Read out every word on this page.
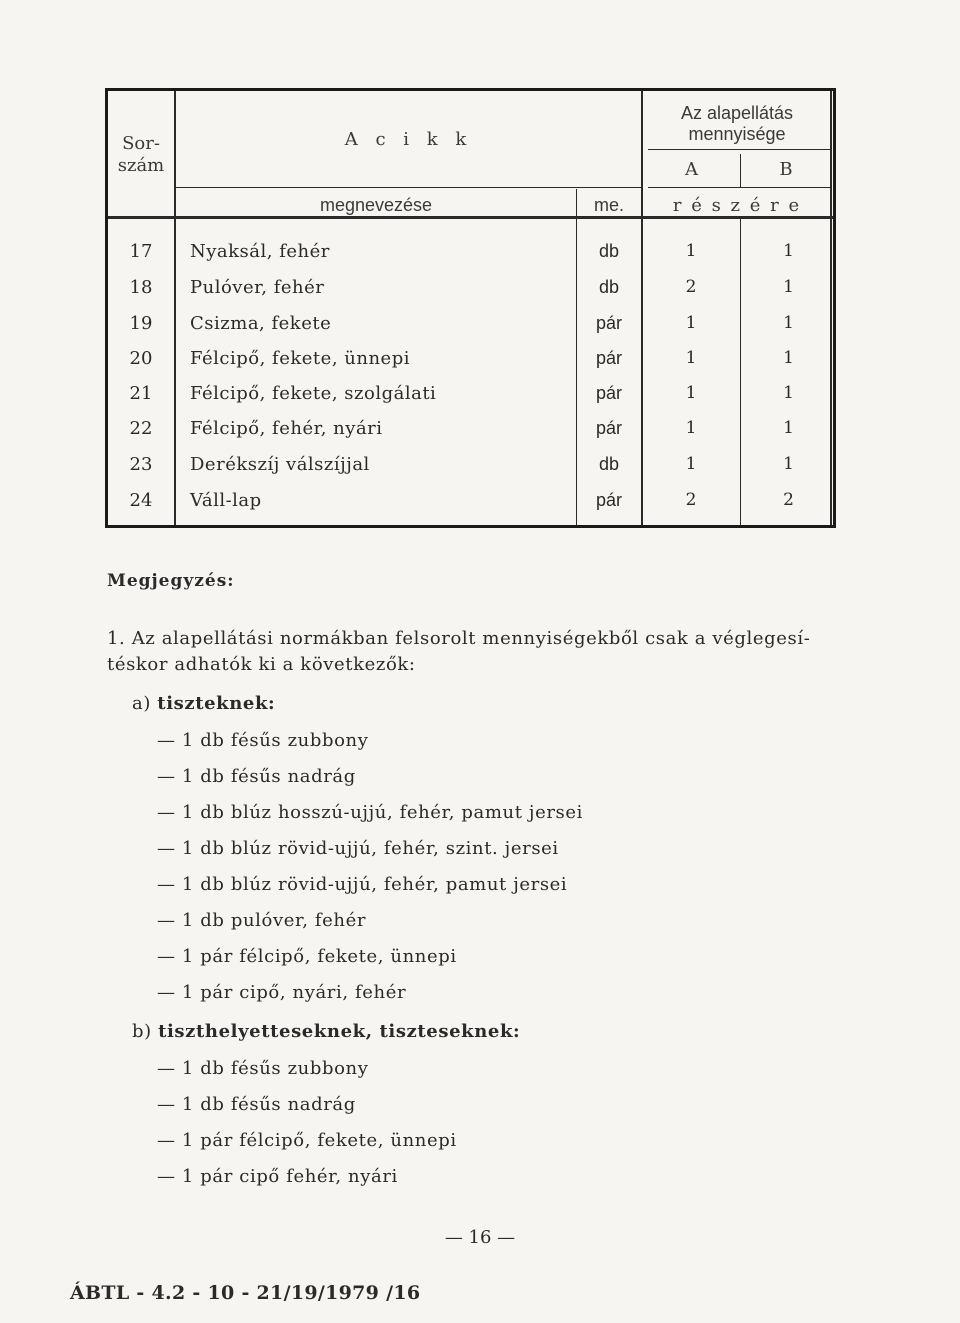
Sor-
szám
A c i k k
megnevezése	me.
Az alapellátás
mennyisége
A	B
r é s z é r e
17	Nyaksál, fehér	db	1	1
18	Pulóver, fehér	db	2	1
19	Csizma, fekete	pár	1	1
20	Félcipő, fekete, ünnepi	pár	1	1
21	Félcipő, fekete, szolgálati	pár	1	1
22	Félcipő, fehér, nyári	pár	1	1
23	Derékszíj válszíjjal	db	1	1
24	Váll-lap	pár	2	2
Megjegyzés:
1. Az alapellátási normákban felsorolt mennyiségekből csak a véglegesí-
téskor adhatók ki a következők:
a) tiszteknek:
— 1 db fésűs zubbony
— 1 db fésűs nadrág
— 1 db blúz hosszú-ujjú, fehér, pamut jersei
— 1 db blúz rövid-ujjú, fehér, szint. jersei
— 1 db blúz rövid-ujjú, fehér, pamut jersei
— 1 db pulóver, fehér
— 1 pár félcipő, fekete, ünnepi
— 1 pár cipő, nyári, fehér
b) tiszthelyetteseknek, tiszteseknek:
— 1 db fésűs zubbony
— 1 db fésűs nadrág
— 1 pár félcipő, fekete, ünnepi
— 1 pár cipő fehér, nyári
— 16 —
ÁBTL - 4.2 - 10 - 21/19/1979 /16
